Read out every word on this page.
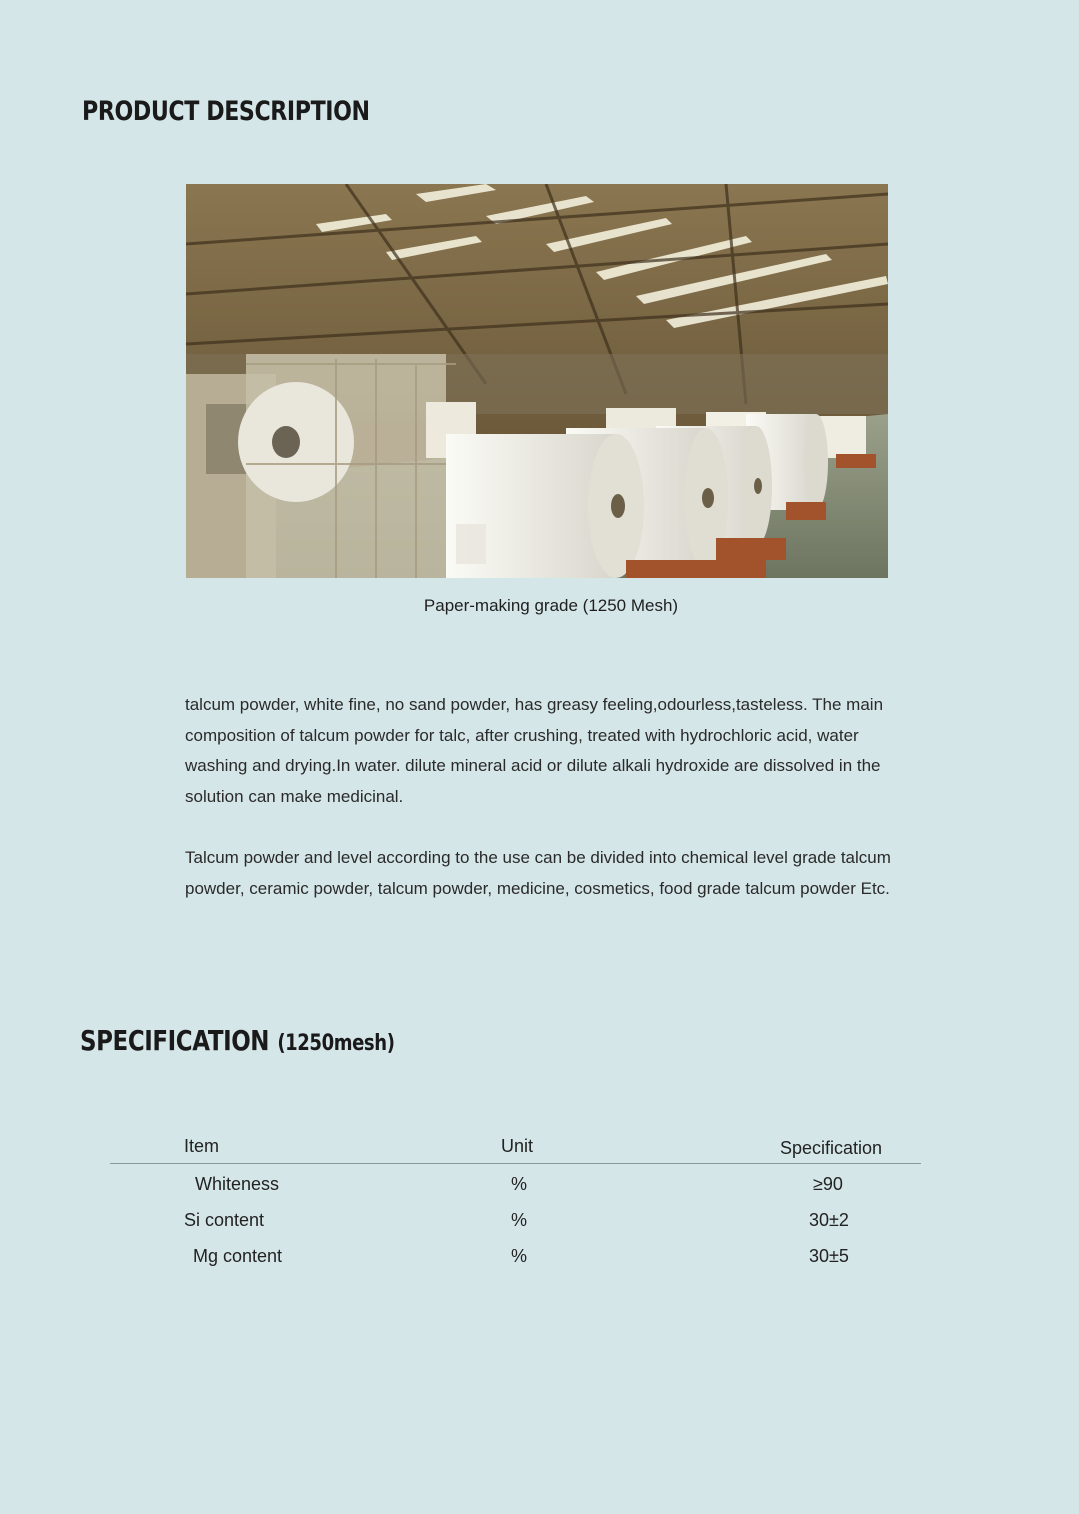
PRODUCT DESCRIPTION
Paper-making grade (1250 Mesh)

talcum powder, white fine, no sand powder, has greasy feeling,odourless,tasteless. The main composition of talcum powder for talc, after crushing, treated with hydrochloric acid, water washing and drying.In water. dilute mineral acid or dilute alkali hydroxide are dissolved in the solution can make medicinal.

Talcum powder and level according to the use can be divided into chemical level grade talcum powder, ceramic powder, talcum powder, medicine, cosmetics, food grade talcum powder Etc.

SPECIFICATION (1250mesh)
Item	Unit	Specification
Whiteness	%	≥90
Si content	%	30±2
Mg content	%	30±5
